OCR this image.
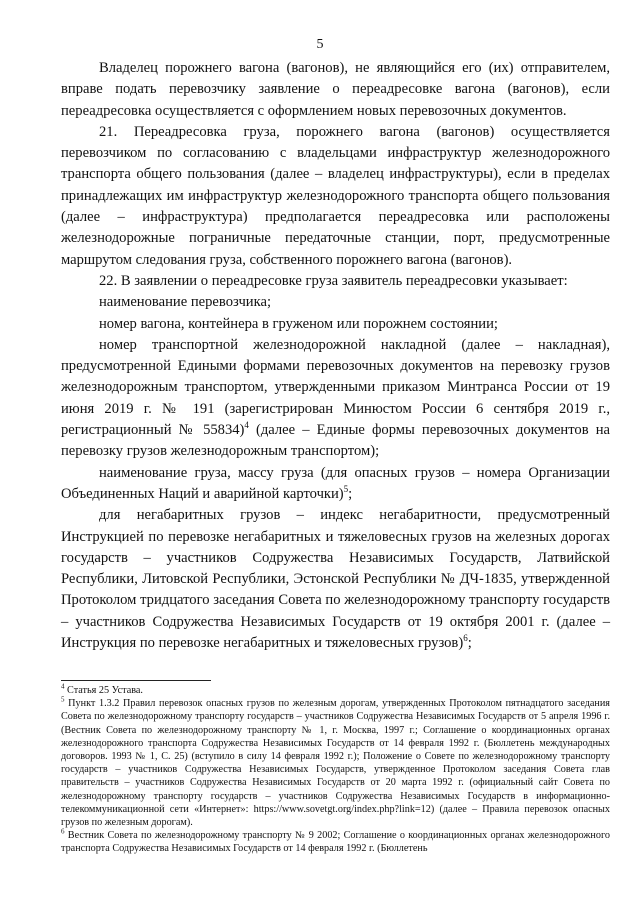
5

Владелец порожнего вагона (вагонов), не являющийся его (их) отправителем, вправе подать перевозчику заявление о переадресовке вагона (вагонов), если переадресовка осуществляется с оформлением новых перевозочных документов.

21. Переадресовка груза, порожнего вагона (вагонов) осуществляется перевозчиком по согласованию с владельцами инфраструктур железнодорожного транспорта общего пользования (далее – владелец инфраструктуры), если в пределах принадлежащих им инфраструктур железнодорожного транспорта общего пользования (далее – инфраструктура) предполагается переадресовка или расположены железнодорожные пограничные передаточные станции, порт, предусмотренные маршрутом следования груза, собственного порожнего вагона (вагонов).

22. В заявлении о переадресовке груза заявитель переадресовки указывает:

наименование перевозчика;

номер вагона, контейнера в груженом или порожнем состоянии;

номер транспортной железнодорожной накладной (далее – накладная), предусмотренной Едиными формами перевозочных документов на перевозку грузов железнодорожным транспортом, утвержденными приказом Минтранса России от 19 июня 2019 г. № 191 (зарегистрирован Минюстом России 6 сентября 2019 г., регистрационный № 55834)$^4$ (далее – Единые формы перевозочных документов на перевозку грузов железнодорожным транспортом);

наименование груза, массу груза (для опасных грузов – номера Организации Объединенных Наций и аварийной карточки)$^5$;

для негабаритных грузов – индекс негабаритности, предусмотренный Инструкцией по перевозке негабаритных и тяжеловесных грузов на железных дорогах государств – участников Содружества Независимых Государств, Латвийской Республики, Литовской Республики, Эстонской Республики № ДЧ-1835, утвержденной Протоколом тридцатого заседания Совета по железнодорожному транспорту государств – участников Содружества Независимых Государств от 19 октября 2001 г. (далее – Инструкция по перевозке негабаритных и тяжеловесных грузов)$^6$;

$^4$ Статья 25 Устава.

$^5$ Пункт 1.3.2 Правил перевозок опасных грузов по железным дорогам, утвержденных Протоколом пятнадцатого заседания Совета по железнодорожному транспорту государств – участников Содружества Независимых Государств от 5 апреля 1996 г. (Вестник Совета по железнодорожному транспорту № 1, г. Москва, 1997 г.; Соглашение о координационных органах железнодорожного транспорта Содружества Независимых Государств от 14 февраля 1992 г. (Бюллетень международных договоров. 1993 № 1, С. 25) (вступило в силу 14 февраля 1992 г.); Положение о Совете по железнодорожному транспорту государств – участников Содружества Независимых Государств, утвержденное Протоколом заседания Совета глав правительств – участников Содружества Независимых Государств от 20 марта 1992 г. (официальный сайт Совета по железнодорожному транспорту государств – участников Содружества Независимых Государств в информационно-телекоммуникационной сети «Интернет»: https://www.sovetgt.org/index.php?link=12) (далее – Правила перевозок опасных грузов по железным дорогам).

$^6$ Вестник Совета по железнодорожному транспорту № 9 2002; Соглашение о координационных органах железнодорожного транспорта Содружества Независимых Государств от 14 февраля 1992 г. (Бюллетень
